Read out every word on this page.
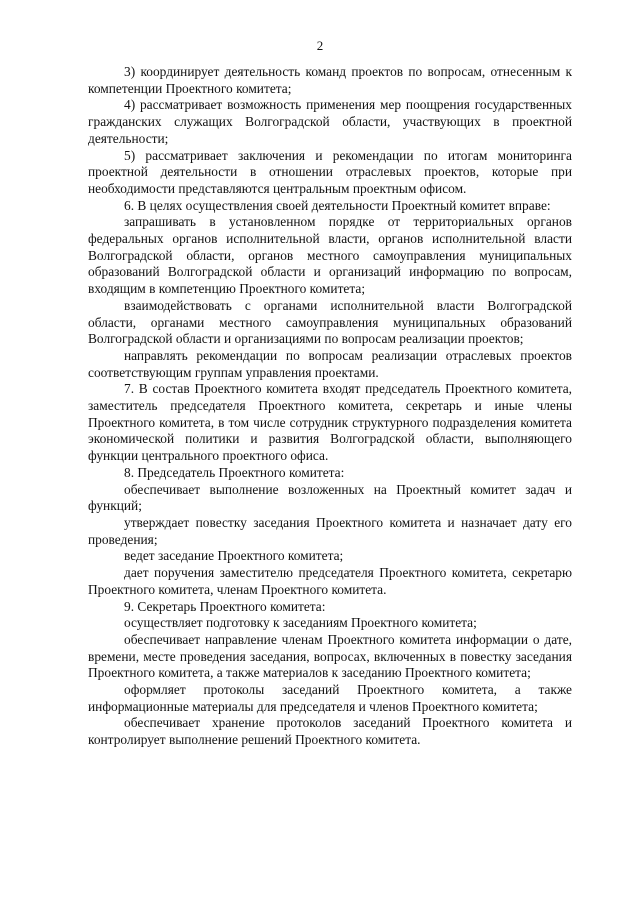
2

3) координирует деятельность команд проектов по вопросам, отнесенным к компетенции Проектного комитета;

4) рассматривает возможность применения мер поощрения государственных гражданских служащих Волгоградской области, участвующих в проектной деятельности;

5) рассматривает заключения и рекомендации по итогам мониторинга проектной деятельности в отношении отраслевых проектов, которые при необходимости представляются центральным проектным офисом.

6. В целях осуществления своей деятельности Проектный комитет вправе:

запрашивать в установленном порядке от территориальных органов федеральных органов исполнительной власти, органов исполнительной власти Волгоградской области, органов местного самоуправления муниципальных образований Волгоградской области и организаций информацию по вопросам, входящим в компетенцию Проектного комитета;

взаимодействовать с органами исполнительной власти Волгоградской области, органами местного самоуправления муниципальных образований Волгоградской области и организациями по вопросам реализации проектов;

направлять рекомендации по вопросам реализации отраслевых проектов соответствующим группам управления проектами.

7. В состав Проектного комитета входят председатель Проектного комитета, заместитель председателя Проектного комитета, секретарь и иные члены Проектного комитета, в том числе сотрудник структурного подразделения комитета экономической политики и развития Волгоградской области, выполняющего функции центрального проектного офиса.

8. Председатель Проектного комитета:

обеспечивает выполнение возложенных на Проектный комитет задач и функций;

утверждает повестку заседания Проектного комитета и назначает дату его проведения;

ведет заседание Проектного комитета;

дает поручения заместителю председателя Проектного комитета, секретарю Проектного комитета, членам Проектного комитета.

9. Секретарь Проектного комитета:

осуществляет подготовку к заседаниям Проектного комитета;

обеспечивает направление членам Проектного комитета информации о дате, времени, месте проведения заседания, вопросах, включенных в повестку заседания Проектного комитета, а также материалов к заседанию Проектного комитета;

оформляет протоколы заседаний Проектного комитета, а также информационные материалы для председателя и членов Проектного комитета;

обеспечивает хранение протоколов заседаний Проектного комитета и контролирует выполнение решений Проектного комитета.
